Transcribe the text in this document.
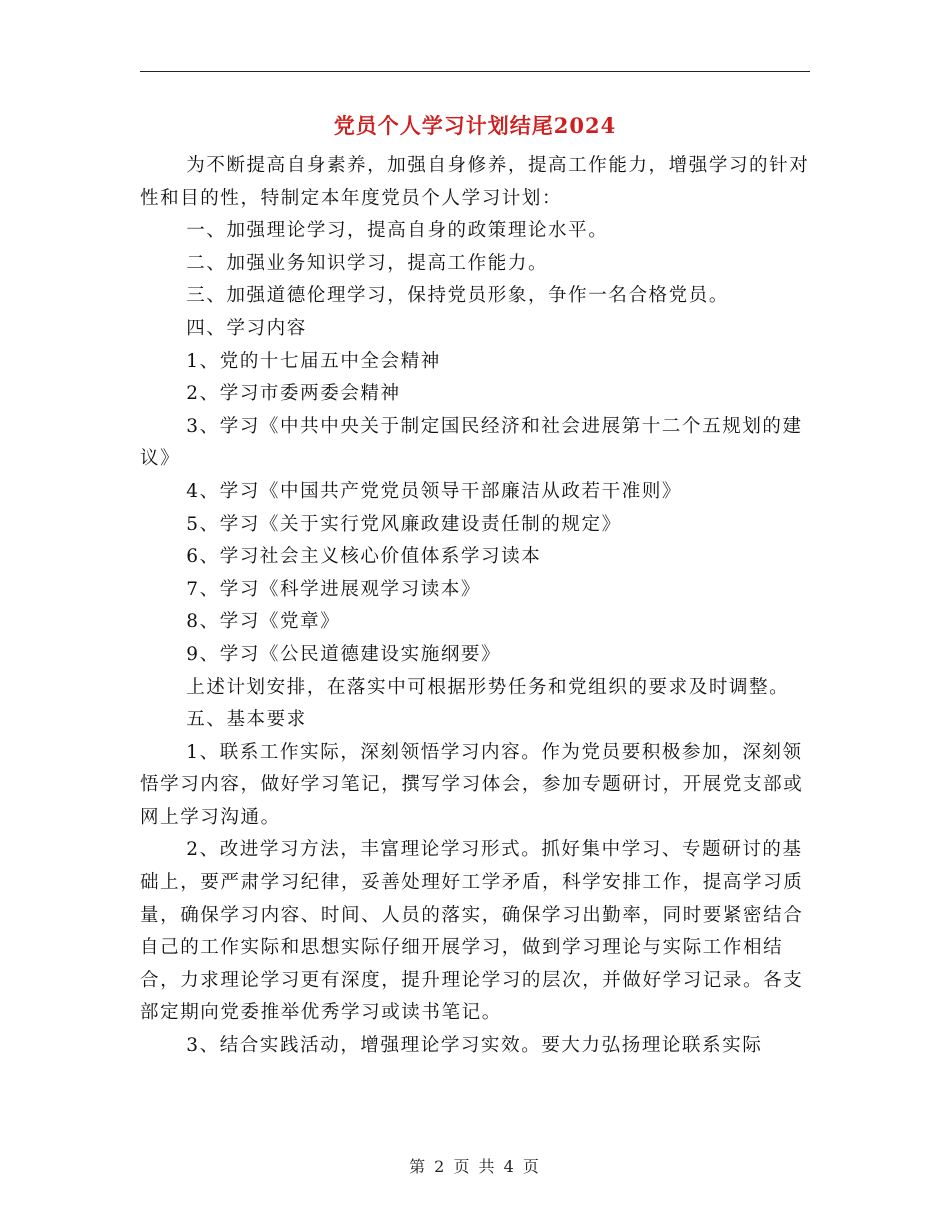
党员个人学习计划结尾2024

为不断提高自身素养，加强自身修养，提高工作能力，增强学习的针对性和目的性，特制定本年度党员个人学习计划：

一、加强理论学习，提高自身的政策理论水平。

二、加强业务知识学习，提高工作能力。

三、加强道德伦理学习，保持党员形象，争作一名合格党员。

四、学习内容

1、党的十七届五中全会精神

2、学习市委两委会精神

3、学习《中共中央关于制定国民经济和社会进展第十二个五规划的建议》

4、学习《中国共产党党员领导干部廉洁从政若干准则》

5、学习《关于实行党风廉政建设责任制的规定》

6、学习社会主义核心价值体系学习读本

7、学习《科学进展观学习读本》

8、学习《党章》

9、学习《公民道德建设实施纲要》

上述计划安排，在落实中可根据形势任务和党组织的要求及时调整。

五、基本要求

1、联系工作实际，深刻领悟学习内容。作为党员要积极参加，深刻领悟学习内容，做好学习笔记，撰写学习体会，参加专题研讨，开展党支部或网上学习沟通。

2、改进学习方法，丰富理论学习形式。抓好集中学习、专题研讨的基础上，要严肃学习纪律，妥善处理好工学矛盾，科学安排工作，提高学习质量，确保学习内容、时间、人员的落实，确保学习出勤率，同时要紧密结合自己的工作实际和思想实际仔细开展学习，做到学习理论与实际工作相结合，力求理论学习更有深度，提升理论学习的层次，并做好学习记录。各支部定期向党委推举优秀学习或读书笔记。

3、结合实践活动，增强理论学习实效。要大力弘扬理论联系实际

第 2 页 共 4 页
